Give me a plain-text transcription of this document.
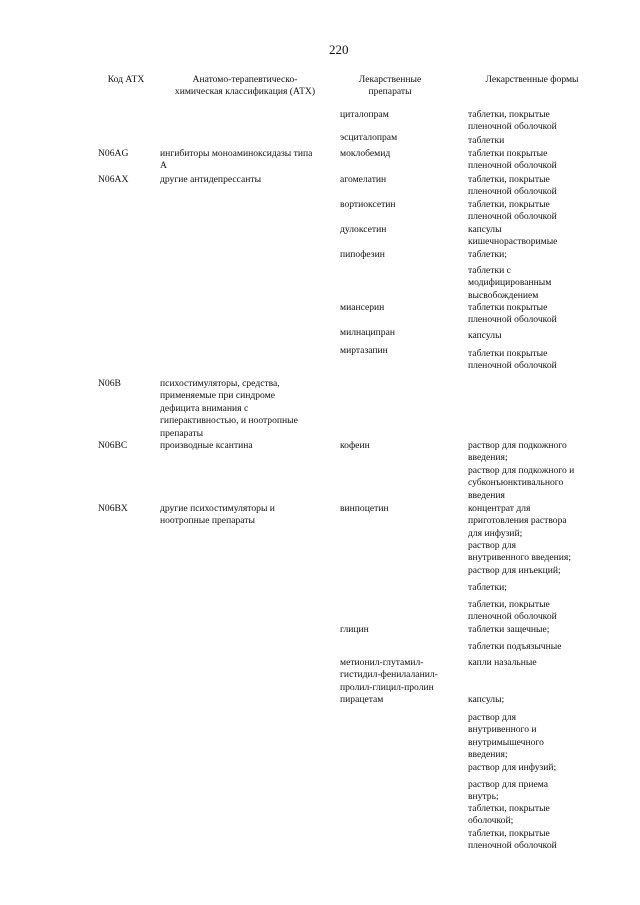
220
Код АТХ	Анатомо-терапевтическо-
химическая классификация (АТХ)
Лекарственные
препараты
Лекарственные формы
N06AG
N06AX
N06B
N06BC
N06BX
ингибиторы моноаминоксидазы типа
А
другие антидепрессанты
психостимуляторы, средства,
применяемые при синдроме
дефицита внимания с
гиперактивностью, и ноотропные
препараты
производные ксантина
другие психостимуляторы и
ноотропные препараты
циталопрам
эсциталопрам
моклобемид
агомелатин
вортиоксетин
дулоксетин
пипофезин
миансерин
милнаципран
миртазапин
кофеин
винпоцетин
глицин
метионил-глутамил-
гистидил-фенилаланил-
пролил-глицил-пролин
пирацетам
таблетки, покрытые
пленочной оболочкой
таблетки
таблетки покрытые
пленочной оболочкой
таблетки, покрытые
пленочной оболочкой
таблетки, покрытые
пленочной оболочкой
капсулы
кишечнорастворимые
таблетки;
таблетки с
модифицированным
высвобождением
таблетки покрытые
пленочной оболочкой
капсулы
таблетки покрытые
пленочной оболочкой
раствор для подкожного
введения;
раствор для подкожного и
субконъюнктивального
введения
концентрат для
приготовления раствора
для инфузий;
раствор для
внутривенного введения;
раствор для инъекций;
таблетки;
таблетки, покрытые
пленочной оболочкой
таблетки защечные;
таблетки подъязычные
капли назальные
капсулы;
раствор для
внутривенного и
внутримышечного
введения;
раствор для инфузий;
раствор для приема
внутрь;
таблетки, покрытые
оболочкой;
таблетки, покрытые
пленочной оболочкой
